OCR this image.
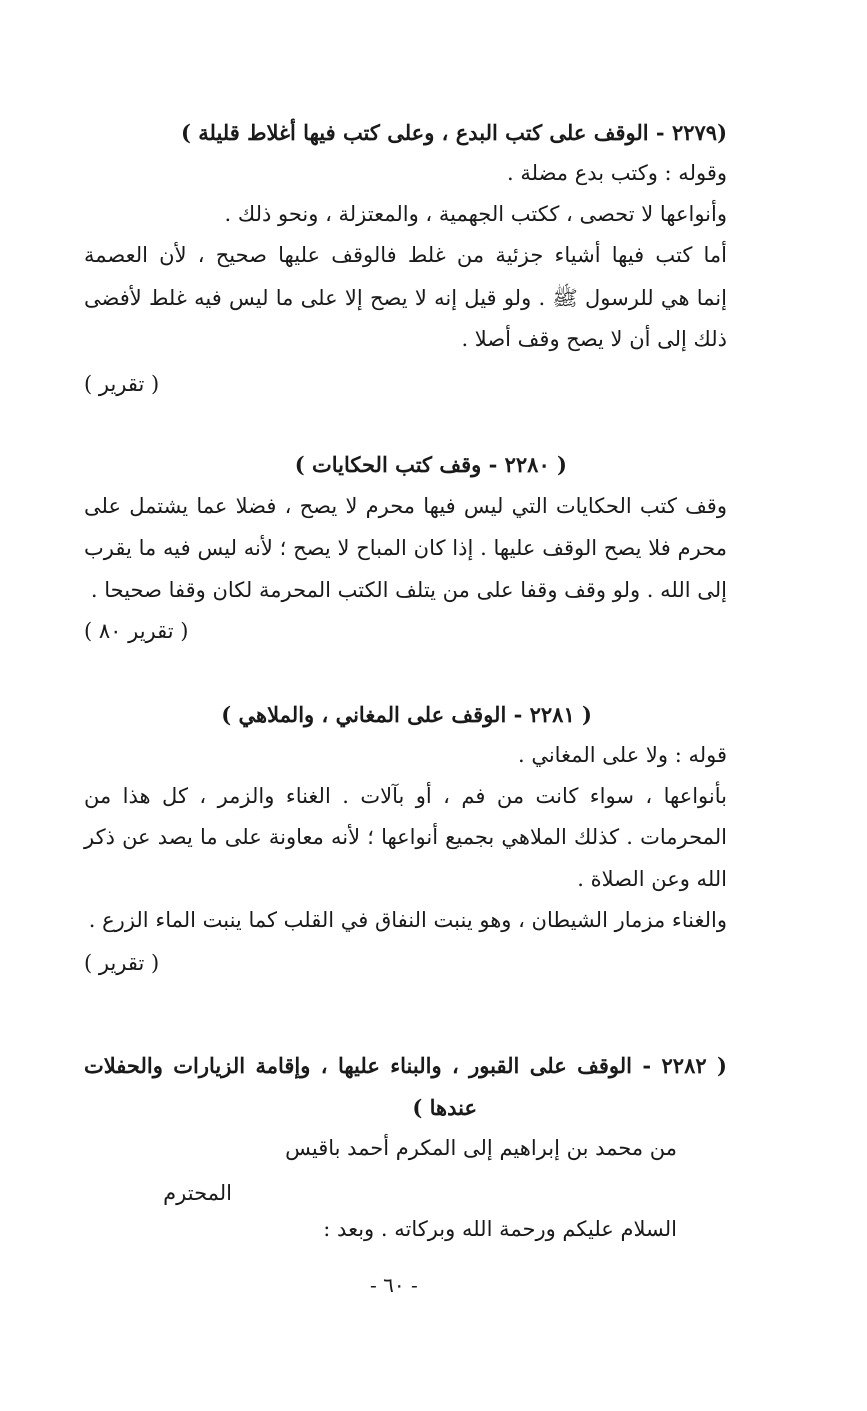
(٢٢٧٩ - الوقف على كتب البدع ، وعلى كتب فيها أغلاط قليلة )
وقوله : وكتب بدع مضلة .
وأنواعها لا تحصى ، ككتب الجهمية ، والمعتزلة ، ونحو ذلك .
أما كتب فيها أشياء جزئية من غلط فالوقف عليها صحيح ، لأن العصمة
إنما هي للرسول ﷺ . ولو قيل إنه لا يصح إلا على ما ليس فيه غلط لأفضى
ذلك إلى أن لا يصح وقف أصلا .
( تقرير )
( ٢٢٨٠ - وقف كتب الحكايات )
وقف كتب الحكايات التي ليس فيها محرم لا يصح ، فضلا عما يشتمل على
محرم فلا يصح الوقف عليها . إذا كان المباح لا يصح ؛ لأنه ليس فيه ما يقرب
إلى الله . ولو وقف وقفا على من يتلف الكتب المحرمة لكان وقفا صحيحا .
( تقرير ٨٠ )
( ٢٢٨١ - الوقف على المغاني ، والملاهي )
قوله : ولا على المغاني .
بأنواعها ، سواء كانت من فم ، أو بآلات . الغناء والزمر ، كل هذا من
المحرمات . كذلك الملاهي بجميع أنواعها ؛ لأنه معاونة على ما يصد عن ذكر
الله وعن الصلاة .
والغناء مزمار الشيطان ، وهو ينبت النفاق في القلب كما ينبت الماء الزرع .
( تقرير )
( ٢٢٨٢ - الوقف على القبور ، والبناء عليها ، وإقامة الزيارات والحفلات
عندها )
من محمد بن إبراهيم إلى المكرم أحمد باقيس
المحترم
السلام عليكم ورحمة الله وبركاته . وبعد :
- ٦٠ -
